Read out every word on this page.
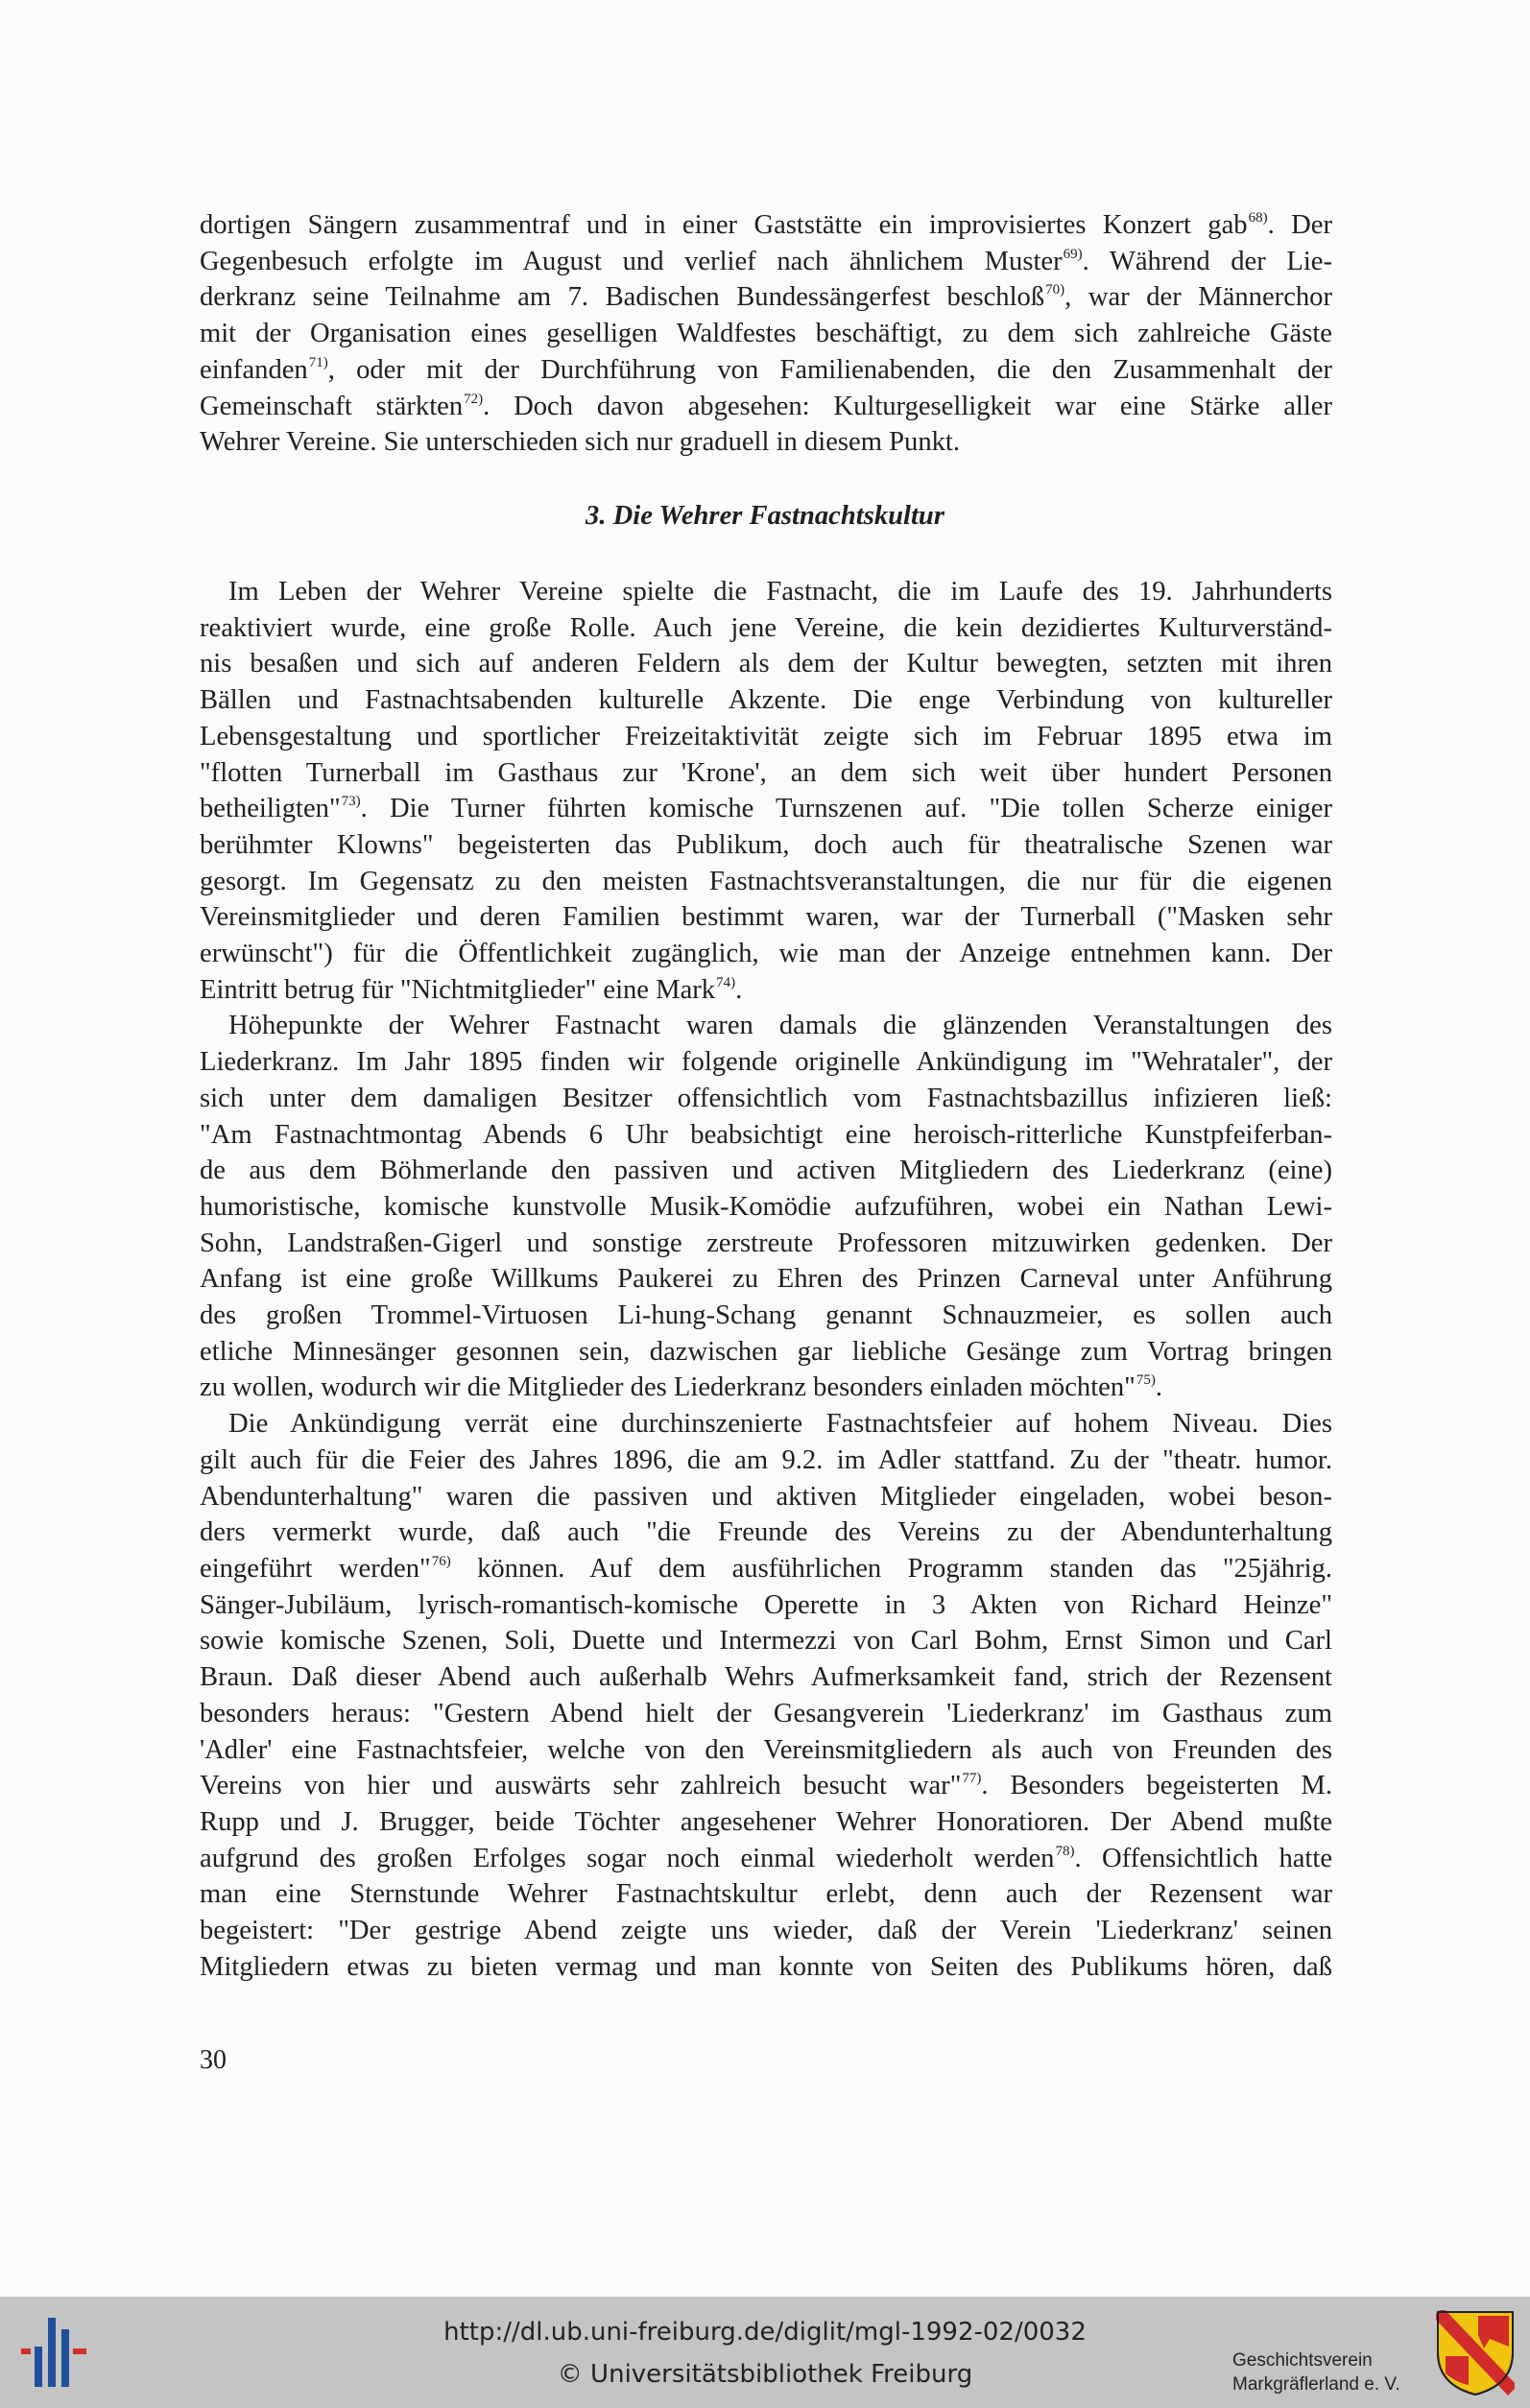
dortigen Sängern zusammentraf und in einer Gaststätte ein improvisiertes Konzert gab$^{68)}$. Der
Gegenbesuch erfolgte im August und verlief nach ähnlichem Muster$^{69)}$. Während der Lie-
derkranz seine Teilnahme am 7. Badischen Bundessängerfest beschloß$^{70)}$, war der Männerchor
mit der Organisation eines geselligen Waldfestes beschäftigt, zu dem sich zahlreiche Gäste
einfanden$^{71)}$, oder mit der Durchführung von Familienabenden, die den Zusammenhalt der
Gemeinschaft stärkten$^{72)}$. Doch davon abgesehen: Kulturgeselligkeit war eine Stärke aller
Wehrer Vereine. Sie unterschieden sich nur graduell in diesem Punkt.
3. Die Wehrer Fastnachtskultur
Im Leben der Wehrer Vereine spielte die Fastnacht, die im Laufe des 19. Jahrhunderts
reaktiviert wurde, eine große Rolle. Auch jene Vereine, die kein dezidiertes Kulturverständ-
nis besaßen und sich auf anderen Feldern als dem der Kultur bewegten, setzten mit ihren
Bällen und Fastnachtsabenden kulturelle Akzente. Die enge Verbindung von kultureller
Lebensgestaltung und sportlicher Freizeitaktivität zeigte sich im Februar 1895 etwa im
"flotten Turnerball im Gasthaus zur 'Krone', an dem sich weit über hundert Personen
betheiligten"$^{73)}$. Die Turner führten komische Turnszenen auf. "Die tollen Scherze einiger
berühmter Klowns" begeisterten das Publikum, doch auch für theatralische Szenen war
gesorgt. Im Gegensatz zu den meisten Fastnachtsveranstaltungen, die nur für die eigenen
Vereinsmitglieder und deren Familien bestimmt waren, war der Turnerball ("Masken sehr
erwünscht") für die Öffentlichkeit zugänglich, wie man der Anzeige entnehmen kann. Der
Eintritt betrug für "Nichtmitglieder" eine Mark$^{74)}$.
Höhepunkte der Wehrer Fastnacht waren damals die glänzenden Veranstaltungen des
Liederkranz. Im Jahr 1895 finden wir folgende originelle Ankündigung im "Wehrataler", der
sich unter dem damaligen Besitzer offensichtlich vom Fastnachtsbazillus infizieren ließ:
"Am Fastnachtmontag Abends 6 Uhr beabsichtigt eine heroisch-ritterliche Kunstpfeiferban-
de aus dem Böhmerlande den passiven und activen Mitgliedern des Liederkranz (eine)
humoristische, komische kunstvolle Musik-Komödie aufzuführen, wobei ein Nathan Lewi-
Sohn, Landstraßen-Gigerl und sonstige zerstreute Professoren mitzuwirken gedenken. Der
Anfang ist eine große Willkums Paukerei zu Ehren des Prinzen Carneval unter Anführung
des großen Trommel-Virtuosen Li-hung-Schang genannt Schnauzmeier, es sollen auch
etliche Minnesänger gesonnen sein, dazwischen gar liebliche Gesänge zum Vortrag bringen
zu wollen, wodurch wir die Mitglieder des Liederkranz besonders einladen möchten"$^{75)}$.
Die Ankündigung verrät eine durchinszenierte Fastnachtsfeier auf hohem Niveau. Dies
gilt auch für die Feier des Jahres 1896, die am 9.2. im Adler stattfand. Zu der "theatr. humor.
Abendunterhaltung" waren die passiven und aktiven Mitglieder eingeladen, wobei beson-
ders vermerkt wurde, daß auch "die Freunde des Vereins zu der Abendunterhaltung
eingeführt werden"$^{76)}$ können. Auf dem ausführlichen Programm standen das "25jährig.
Sänger-Jubiläum, lyrisch-romantisch-komische Operette in 3 Akten von Richard Heinze"
sowie komische Szenen, Soli, Duette und Intermezzi von Carl Bohm, Ernst Simon und Carl
Braun. Daß dieser Abend auch außerhalb Wehrs Aufmerksamkeit fand, strich der Rezensent
besonders heraus: "Gestern Abend hielt der Gesangverein 'Liederkranz' im Gasthaus zum
'Adler' eine Fastnachtsfeier, welche von den Vereinsmitgliedern als auch von Freunden des
Vereins von hier und auswärts sehr zahlreich besucht war"$^{77)}$. Besonders begeisterten M.
Rupp und J. Brugger, beide Töchter angesehener Wehrer Honoratioren. Der Abend mußte
aufgrund des großen Erfolges sogar noch einmal wiederholt werden$^{78)}$. Offensichtlich hatte
man eine Sternstunde Wehrer Fastnachtskultur erlebt, denn auch der Rezensent war
begeistert: "Der gestrige Abend zeigte uns wieder, daß der Verein 'Liederkranz' seinen
Mitgliedern etwas zu bieten vermag und man konnte von Seiten des Publikums hören, daß
30
http://dl.ub.uni-freiburg.de/diglit/mgl-1992-02/0032
© Universitätsbibliothek Freiburg	Geschichtsverein
Markgräflerland e. V.
